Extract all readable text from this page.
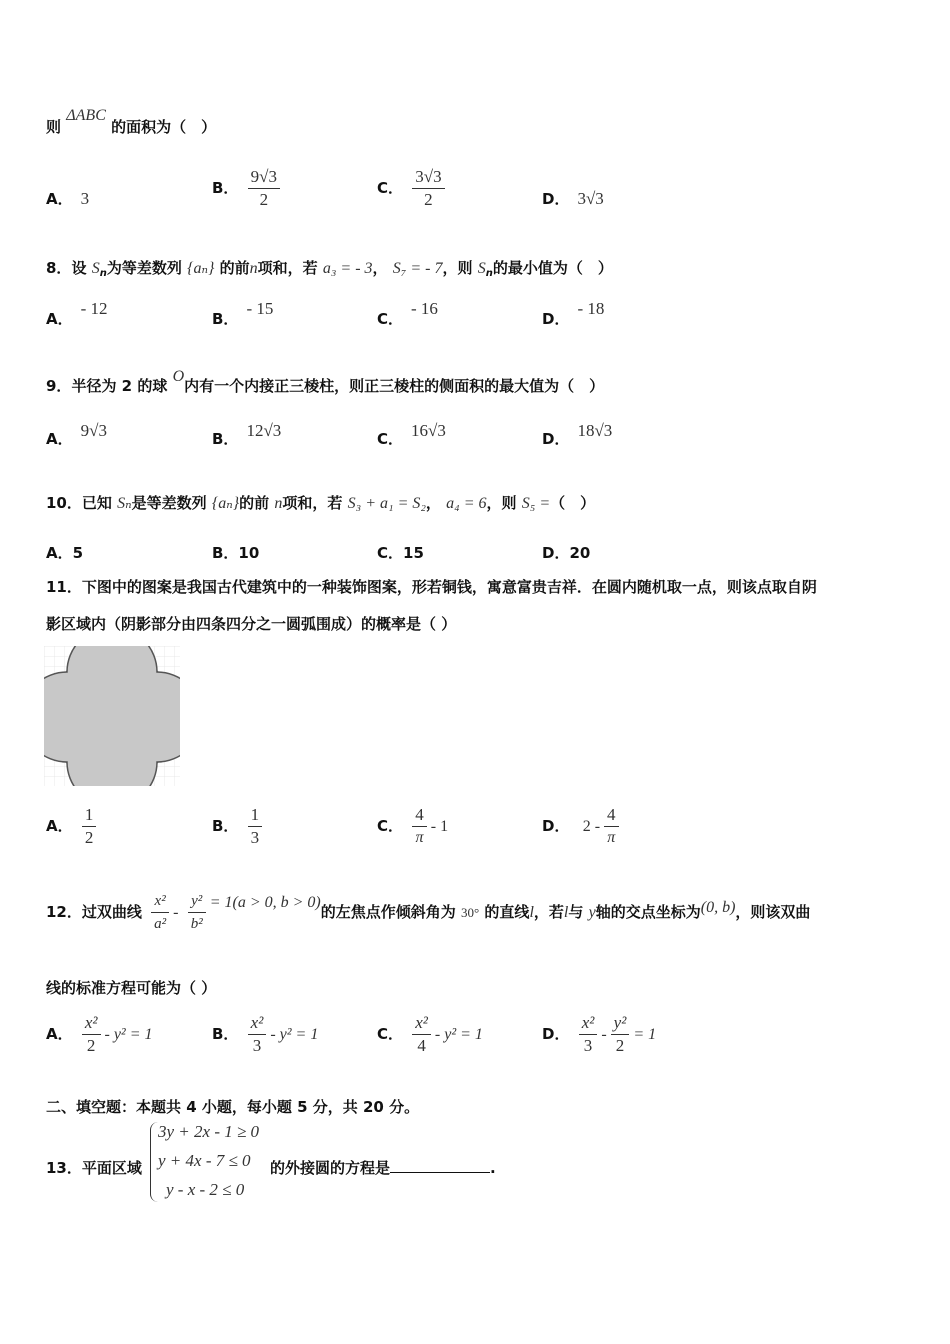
则 ΔABC 的面积为（　）
A． 3
B． $\frac{9√3}{2}$	C． $\frac{3√3}{2}$	D． 3√3
8．设 $S_n$为等差数列 {aₙ} 的前n项和，若 a₃ = - 3， S₇ = - 7，则 $S_n$的最小值为（　）
A．- 12
B．- 15
C．- 16
D．- 18
9．半径为 2 的球 O内有一个内接正三棱柱，则正三棱柱的侧面积的最大值为（　）
A． 9√3	B． 12√3	C． 16√3	D． 18√3
10．已知 Sₙ是等差数列 {aₙ}的前 n项和，若 S₃ + a₁ = S₂， a₄ = 6，则 S₅ =（　）
A．5	B．10	C．15	D．20
11．下图中的图案是我国古代建筑中的一种装饰图案，形若铜钱，寓意富贵吉祥．在圆内随机取一点，则该点取自阴
影区域内（阴影部分由四条四分之一圆弧围成）的概率是（ ）
A． $\frac{1}{2}$	B． $\frac{1}{3}$	C． $\frac{4}{\pi} - 1$	D． $2 - \frac{4}{\pi}$
12．过双曲线 $\frac{\text{x²}}{\text{a²}} - \frac{\text{y²}}{\text{b²}} = 1(a > 0$, b > 0)的左焦点作倾斜角为 30° 的直线l，若l与 y轴的交点坐标为(0, b)，则该双曲
线的标准方程可能为（ ）
A． $\frac{\text{x²}}{2} - y^2 = 1$	B． $\frac{\text{x²}}{3} - y^2 = 1$	C． $\frac{\text{x²}}{4} - y^2 = 1$	D． $\frac{\text{x²}}{3} - \frac{\text{y²}}{2} = 1$
二、填空题：本题共 4 小题，每小题 5 分，共 20 分。
13．平面区域
3y + 2x - 1 ≥ 0
y + 4x - 7 ≤ 0
y - x - 2 ≤ 0
的外接圆的方程是	.
